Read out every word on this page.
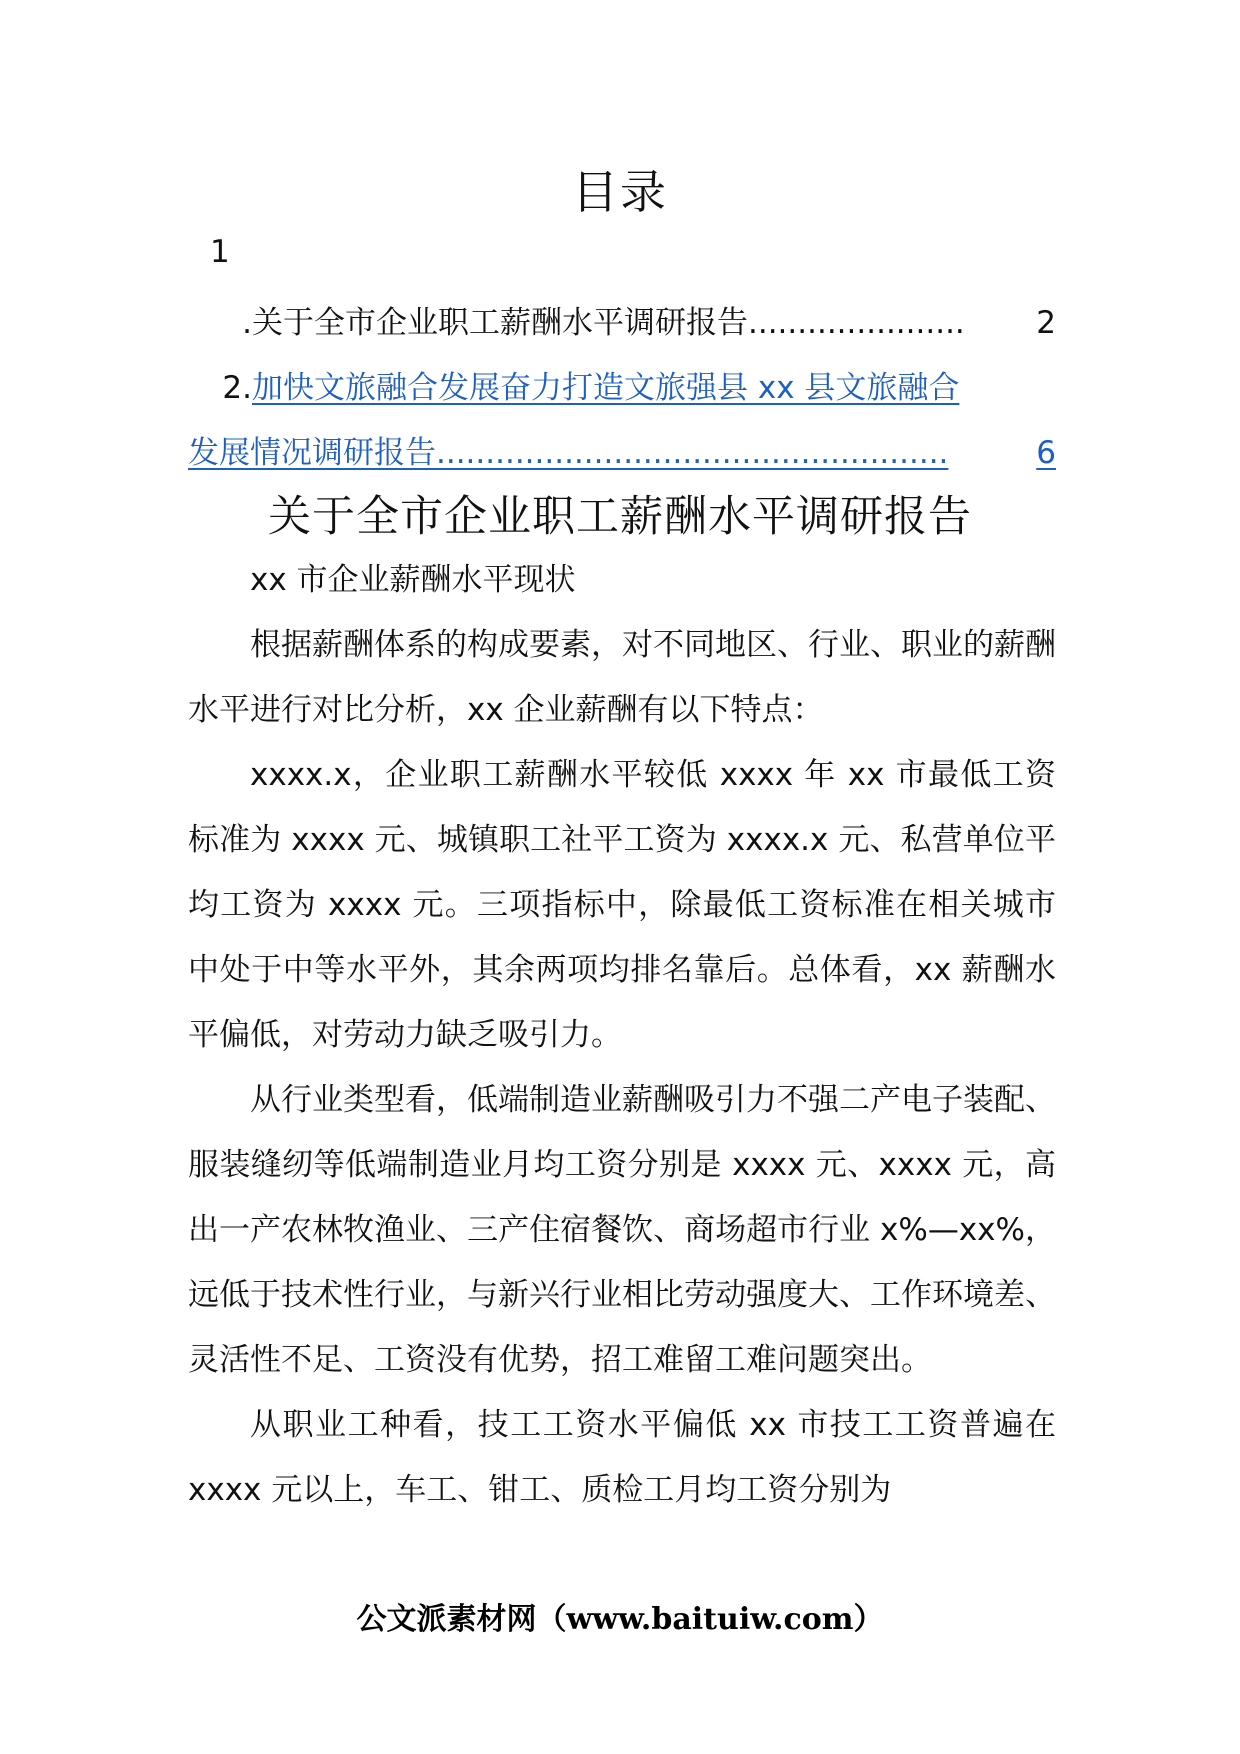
目录
1
.关于全市企业职工薪酬水平调研报告...................... 2
2.加快文旅融合发展奋力打造文旅强县 xx 县文旅融合
发展情况调研报告....................................................	6
关于全市企业职工薪酬水平调研报告

xx 市企业薪酬水平现状

根据薪酬体系的构成要素，对不同地区、行业、职业的薪酬水平进行对比分析，xx 企业薪酬有以下特点：

xxxx.x，企业职工薪酬水平较低 xxxx 年 xx 市最低工资标准为 xxxx 元、城镇职工社平工资为 xxxx.x 元、私营单位平均工资为 xxxx 元。三项指标中，除最低工资标准在相关城市中处于中等水平外，其余两项均排名靠后。总体看，xx 薪酬水平偏低，对劳动力缺乏吸引力。

从行业类型看，低端制造业薪酬吸引力不强二产电子装配、服装缝纫等低端制造业月均工资分别是 xxxx 元、xxxx 元，高出一产农林牧渔业、三产住宿餐饮、商场超市行业 x%—xx%，远低于技术性行业，与新兴行业相比劳动强度大、工作环境差、灵活性不足、工资没有优势，招工难留工难问题突出。

从职业工种看，技工工资水平偏低 xx 市技工工资普遍在 xxxx 元以上，车工、钳工、质检工月均工资分别为

公文派素材网（www.baituiw.com）
